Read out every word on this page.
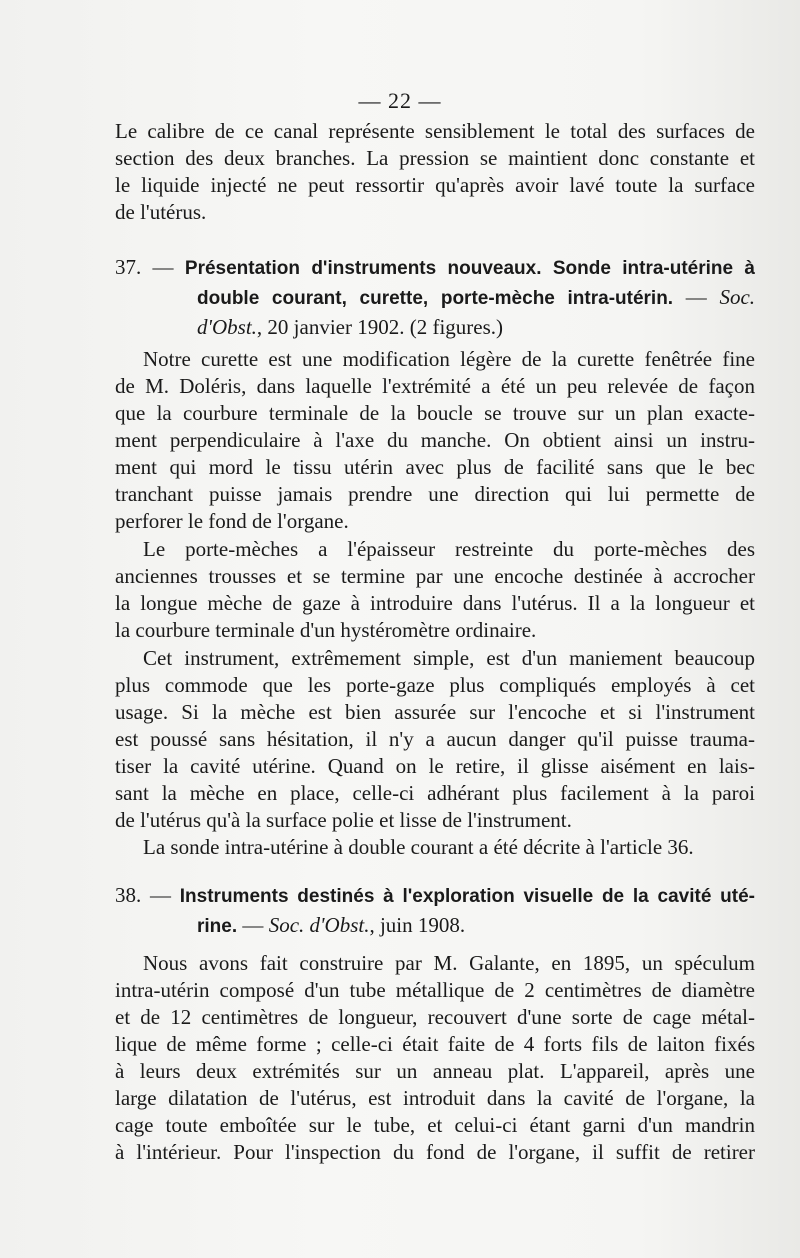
— 22 —
Le calibre de ce canal représente sensiblement le total des surfaces de
section des deux branches. La pression se maintient donc constante et
le liquide injecté ne peut ressortir qu'après avoir lavé toute la surface
de l'utérus.
37. — Présentation d'instruments nouveaux. Sonde intra-utérine à
double courant, curette, porte-mèche intra-utérin. — Soc.
d'Obst., 20 janvier 1902. (2 figures.)
Notre curette est une modification légère de la curette fenêtrée fine
de M. Doléris, dans laquelle l'extrémité a été un peu relevée de façon
que la courbure terminale de la boucle se trouve sur un plan exacte-
ment perpendiculaire à l'axe du manche. On obtient ainsi un instru-
ment qui mord le tissu utérin avec plus de facilité sans que le bec
tranchant puisse jamais prendre une direction qui lui permette de
perforer le fond de l'organe.
Le porte-mèches a l'épaisseur restreinte du porte-mèches des
anciennes trousses et se termine par une encoche destinée à accrocher
la longue mèche de gaze à introduire dans l'utérus. Il a la longueur et
la courbure terminale d'un hystéromètre ordinaire.
Cet instrument, extrêmement simple, est d'un maniement beaucoup
plus commode que les porte-gaze plus compliqués employés à cet
usage. Si la mèche est bien assurée sur l'encoche et si l'instrument
est poussé sans hésitation, il n'y a aucun danger qu'il puisse trauma-
tiser la cavité utérine. Quand on le retire, il glisse aisément en lais-
sant la mèche en place, celle-ci adhérant plus facilement à la paroi
de l'utérus qu'à la surface polie et lisse de l'instrument.
La sonde intra-utérine à double courant a été décrite à l'article 36.
38. — Instruments destinés à l'exploration visuelle de la cavité uté-
rine. — Soc. d'Obst., juin 1908.
Nous avons fait construire par M. Galante, en 1895, un spéculum
intra-utérin composé d'un tube métallique de 2 centimètres de diamètre
et de 12 centimètres de longueur, recouvert d'une sorte de cage métal-
lique de même forme ; celle-ci était faite de 4 forts fils de laiton fixés
à leurs deux extrémités sur un anneau plat. L'appareil, après une
large dilatation de l'utérus, est introduit dans la cavité de l'organe, la
cage toute emboîtée sur le tube, et celui-ci étant garni d'un mandrin
à l'intérieur. Pour l'inspection du fond de l'organe, il suffit de retirer
